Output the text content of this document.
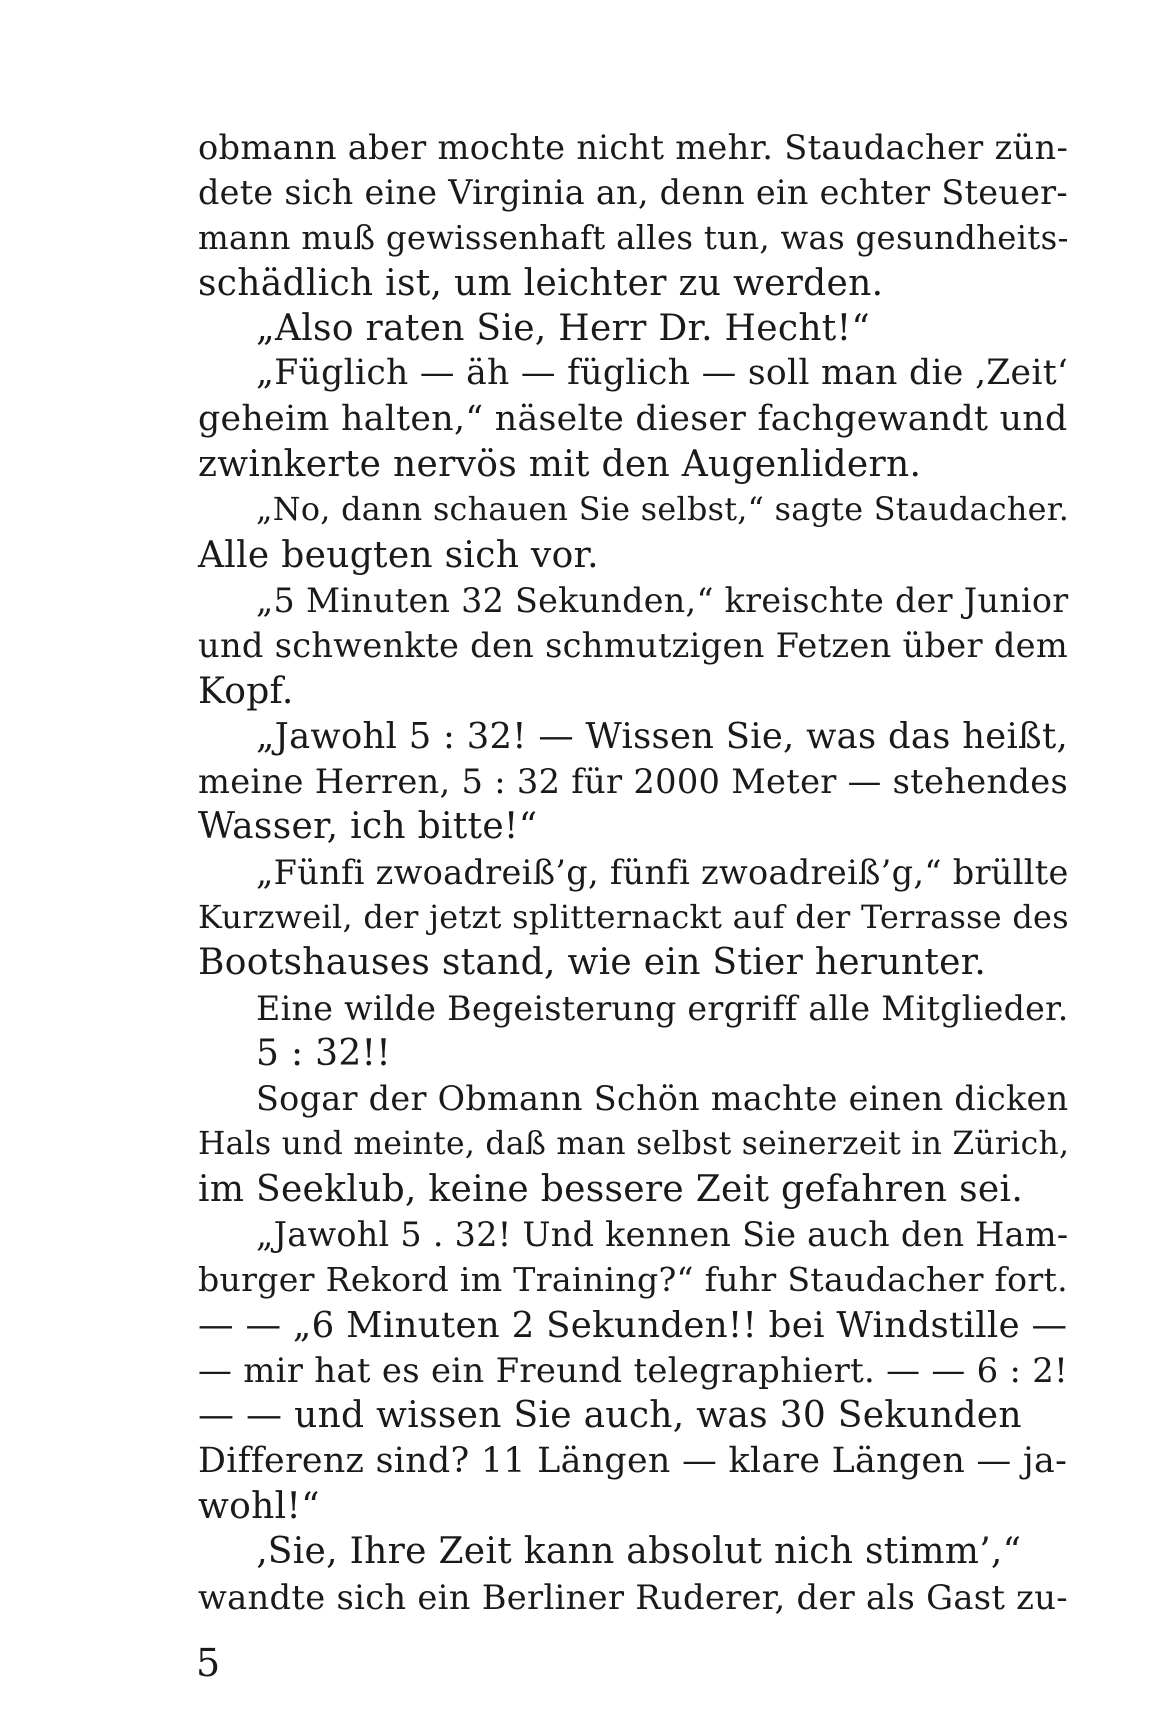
obmann aber mochte nicht mehr. Staudacher zün-
dete sich eine Virginia an, denn ein echter Steuer-
mann muß gewissenhaft alles tun, was gesundheits-
schädlich ist, um leichter zu werden.
„Also raten Sie, Herr Dr. Hecht!“
„Füglich — äh — füglich — soll man die ‚Zeit‘
geheim halten,“ näselte dieser fachgewandt und
zwinkerte nervös mit den Augenlidern.
„No, dann schauen Sie selbst,“ sagte Staudacher.
Alle beugten sich vor.
„5 Minuten 32 Sekunden,“ kreischte der Junior
und schwenkte den schmutzigen Fetzen über dem
Kopf.
„Jawohl 5 : 32! — Wissen Sie, was das heißt,
meine Herren, 5 : 32 für 2000 Meter — stehendes
Wasser, ich bitte!“
„Fünfi zwoadreiß’g, fünfi zwoadreiß’g,“ brüllte
Kurzweil, der jetzt splitternackt auf der Terrasse des
Bootshauses stand, wie ein Stier herunter.
Eine wilde Begeisterung ergriff alle Mitglieder.
5 : 32!!
Sogar der Obmann Schön machte einen dicken
Hals und meinte, daß man selbst seinerzeit in Zürich,
im Seeklub, keine bessere Zeit gefahren sei.
„Jawohl 5 . 32! Und kennen Sie auch den Ham-
burger Rekord im Training?“ fuhr Staudacher fort.
— — „6 Minuten 2 Sekunden!! bei Windstille —
— mir hat es ein Freund telegraphiert. — — 6 : 2!
— — und wissen Sie auch, was 30 Sekunden
Differenz sind? 11 Längen — klare Längen — ja-
wohl!“
‚Sie, Ihre Zeit kann absolut nich stimm’,“
wandte sich ein Berliner Ruderer, der als Gast zu-
5
